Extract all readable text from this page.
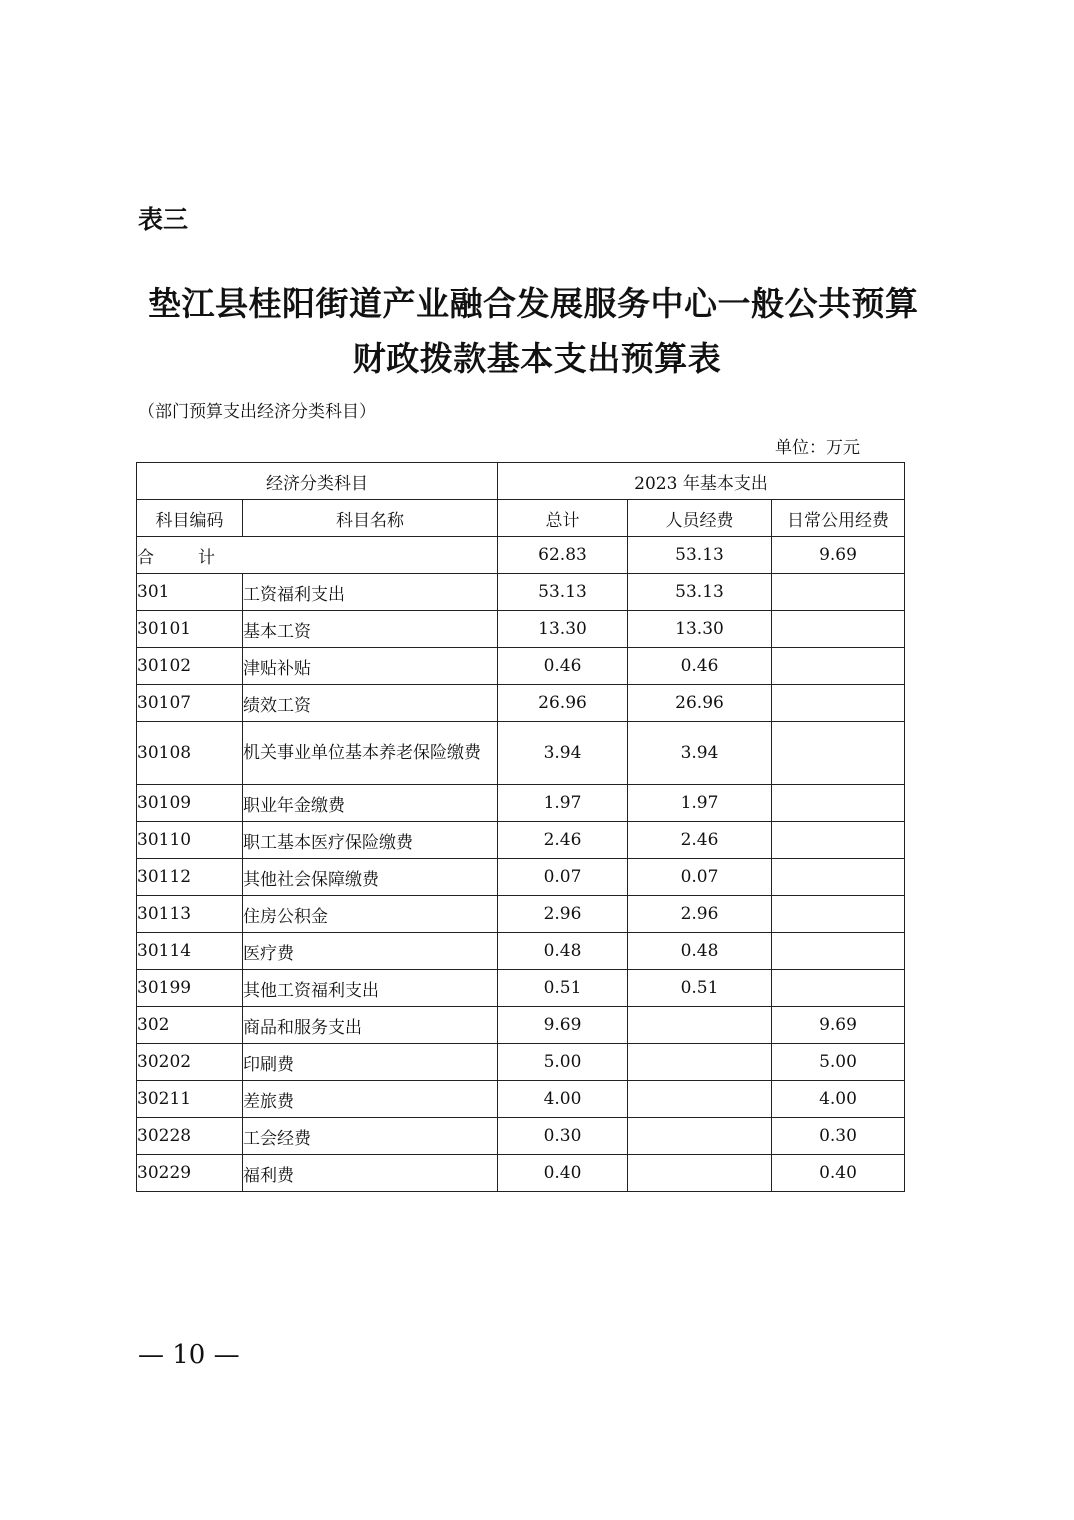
表三
垫江县桂阳街道产业融合发展服务中心一般公共预算
财政拨款基本支出预算表
（部门预算支出经济分类科目）
单位：万元
经济分类科目		2023 年基本支出		
科目编码	科目名称	总计	人员经费	日常公用经费
合 计		62.83	53.13	9.69
301	工资福利支出	53.13	53.13	
30101	基本工资	13.30	13.30	
30102	津贴补贴	0.46	0.46	
30107	绩效工资	26.96	26.96	
30108	机关事业单位基本养老保险缴费	3.94	3.94	
30109	职业年金缴费	1.97	1.97	
30110	职工基本医疗保险缴费	2.46	2.46	
30112	其他社会保障缴费	0.07	0.07	
30113	住房公积金	2.96	2.96	
30114	医疗费	0.48	0.48	
30199	其他工资福利支出	0.51	0.51	
302	商品和服务支出	9.69		9.69
30202	印刷费	5.00		5.00
30211	差旅费	4.00		4.00
30228	工会经费	0.30		0.30
30229	福利费	0.40		0.40
— 10 —
